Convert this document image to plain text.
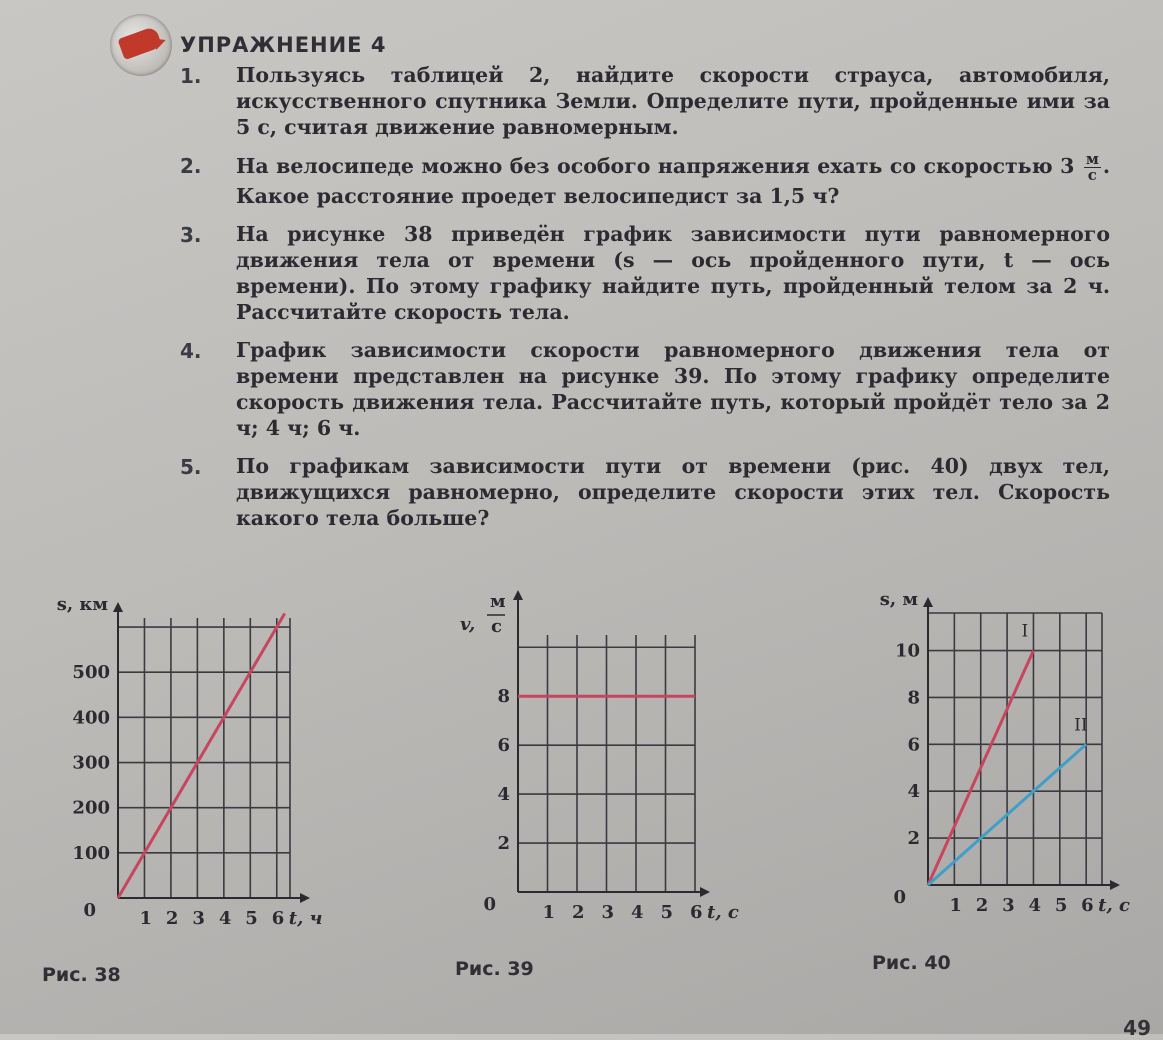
УПРАЖНЕНИЕ 4
1.	Пользуясь таблицей 2, найдите скорости страуса, автомобиля, искусственного спутника Земли. Определите пути, пройденные ими за 5 с, считая движение равномерным.
2.	На велосипеде можно без особого напряжения ехать со скоростью $3 \frac{м}{с}$ . Какое расстояние проедет велосипедист за 1,5 ч?
3.	На рисунке 38 приведён график зависимости пути равномерного движения тела от времени (s — ось пройденного пути, t — ось времени). По этому графику найдите путь, пройденный телом за 2 ч. Рассчитайте скорость тела.
4.	График зависимости скорости равномерного движения тела от времени представлен на рисунке 39. По этому графику определите скорость движения тела. Рассчитайте путь, который пройдёт тело за 2 ч; 4 ч; 6 ч.
5.	По графикам зависимости пути от времени (рис. 40) двух тел, движущихся равномерно, определите скорости этих тел. Скорость какого тела больше?
1 2 3 4 5 6
100
200
300
400
500
0	t, ч
s, км
Рис. 38
1 2 3 4 5 6
2
4
6
8
0	t, с
v,
м
с
Рис. 39
I
II
1 2 3 4 5 6
2
4
6
8
10
0	t, с
s, м
Рис. 40
49
